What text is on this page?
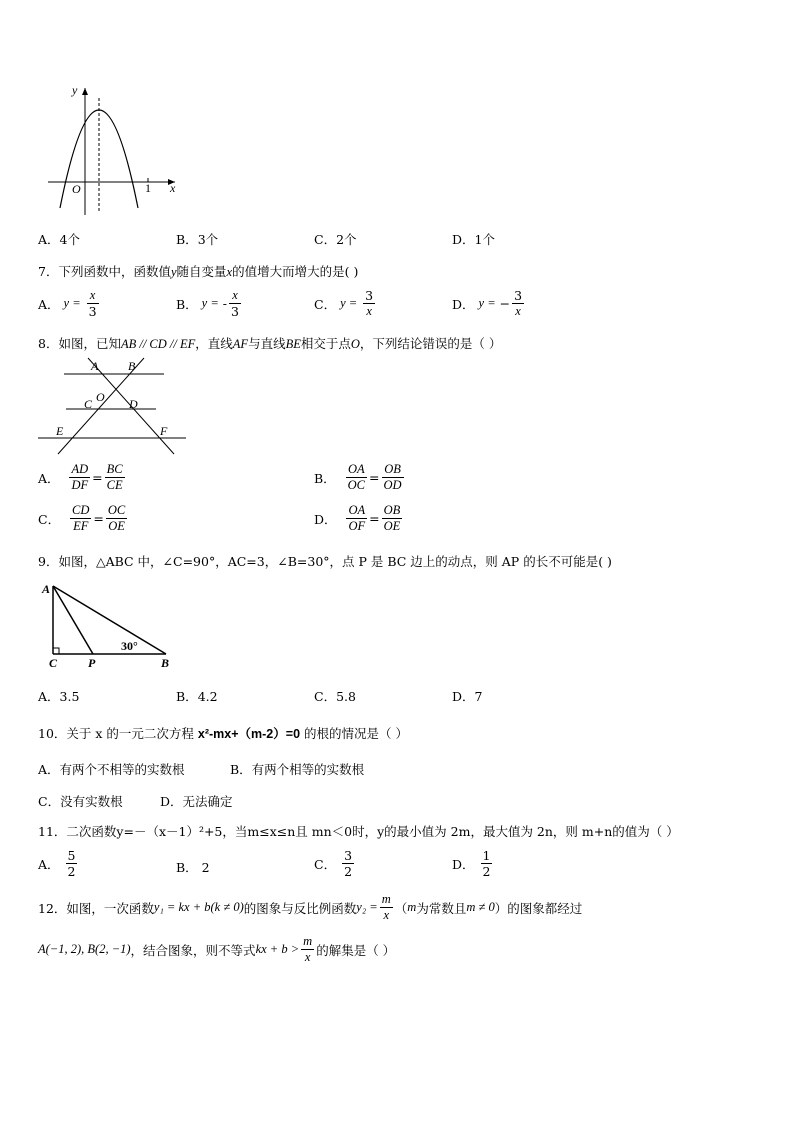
y
x
O	1
A．4个	B．3个	C．2个	D．1个
7．下列函数中，函数值y随自变量x的值增大而增大的是( )
A．
y =
$\frac{x}{3}$	B．
y =
- $\frac{x}{3}$	C．
y =
$\frac{3}{x}$	D．
y =
− $\frac{3}{x}$
8．如图，已知AB // CD // EF，直线AF与直线BE相交于点O，下列结论错误的是（ ）
A B
O
C	D
E	F
A．
$\frac{AD}{DF} = \frac{BC}{CE}$	B．
$\frac{OA}{OC} = \frac{OB}{OD}$
C．
$\frac{CD}{EF} = \frac{OC}{OE}$	D．
$\frac{OA}{OF} = \frac{OB}{OE}$
9．如图，△ABC 中，∠C=90°，AC=3，∠B=30°，点 P 是 BC 边上的动点，则 AP 的长不可能是( )
A
C	P	B
30°
A．3.5	B．4.2	C．5.8	D．7
10．关于 x 的一元二次方程 x²-mx+（m-2）=0 的根的情况是（ ）
A．有两个不相等的实数根	B．有两个相等的实数根
C．没有实数根	D．无法确定
11．二次函数y=－（x－1）²+5，当m≤x≤n且 mn＜0时，y的最小值为 2m，最大值为 2n，则 m+n的值为（ ）
A．
$\frac{5}{2}$	B．
2	C．
$\frac{3}{2}$	D．
$\frac{1}{2}$
12．如图，一次函数 y₁ = kx + b(k ≠ 0) 的图象与反比例函数 $y_2 = \frac{m}{x}$ （ m 为常数且 m ≠ 0 ）的图象都经过
A(−1, 2), B(2, −1) ，结合图象，则不等式 kx + $b > \frac{m}{x}$ 的解集是（ ）
